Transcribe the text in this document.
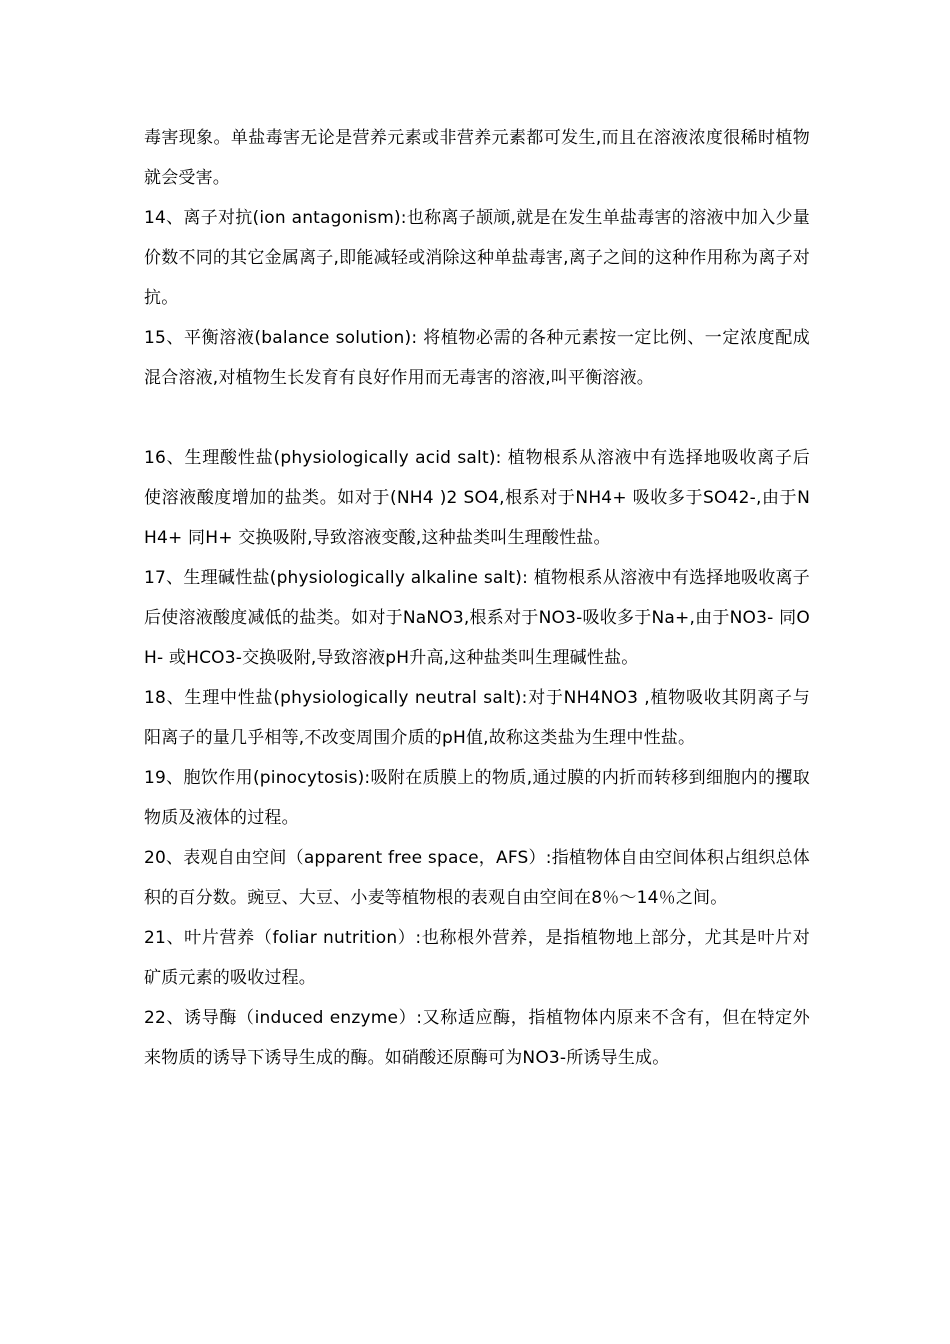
毒害现象。单盐毒害无论是营养元素或非营养元素都可发生,而且在溶液浓度很稀时植物就会受害。

14、离子对抗(ion antagonism):也称离子颉颃,就是在发生单盐毒害的溶液中加入少量价数不同的其它金属离子,即能减轻或消除这种单盐毒害,离子之间的这种作用称为离子对抗。

15、平衡溶液(balance solution): 将植物必需的各种元素按一定比例、一定浓度配成混合溶液,对植物生长发育有良好作用而无毒害的溶液,叫平衡溶液。

16、生理酸性盐(physiologically acid salt): 植物根系从溶液中有选择地吸收离子后使溶液酸度增加的盐类。如对于(NH4 )2 SO4,根系对于NH4+ 吸收多于SO42-,由于NH4+ 同H+ 交换吸附,导致溶液变酸,这种盐类叫生理酸性盐。

17、生理碱性盐(physiologically alkaline salt): 植物根系从溶液中有选择地吸收离子后使溶液酸度减低的盐类。如对于NaNO3,根系对于NO3-吸收多于Na+,由于NO3- 同OH- 或HCO3-交换吸附,导致溶液pH升高,这种盐类叫生理碱性盐。

18、生理中性盐(physiologically neutral salt):对于NH4NO3 ,植物吸收其阴离子与阳离子的量几乎相等,不改变周围介质的pH值,故称这类盐为生理中性盐。

19、胞饮作用(pinocytosis):吸附在质膜上的物质,通过膜的内折而转移到细胞内的攫取物质及液体的过程。

20、表观自由空间（apparent free space，AFS）:指植物体自由空间体积占组织总体积的百分数。豌豆、大豆、小麦等植物根的表观自由空间在8％～14％之间。

21、叶片营养（foliar nutrition）:也称根外营养，是指植物地上部分，尤其是叶片对矿质元素的吸收过程。

22、诱导酶（induced enzyme）:又称适应酶，指植物体内原来不含有，但在特定外来物质的诱导下诱导生成的酶。如硝酸还原酶可为NO3-所诱导生成。
